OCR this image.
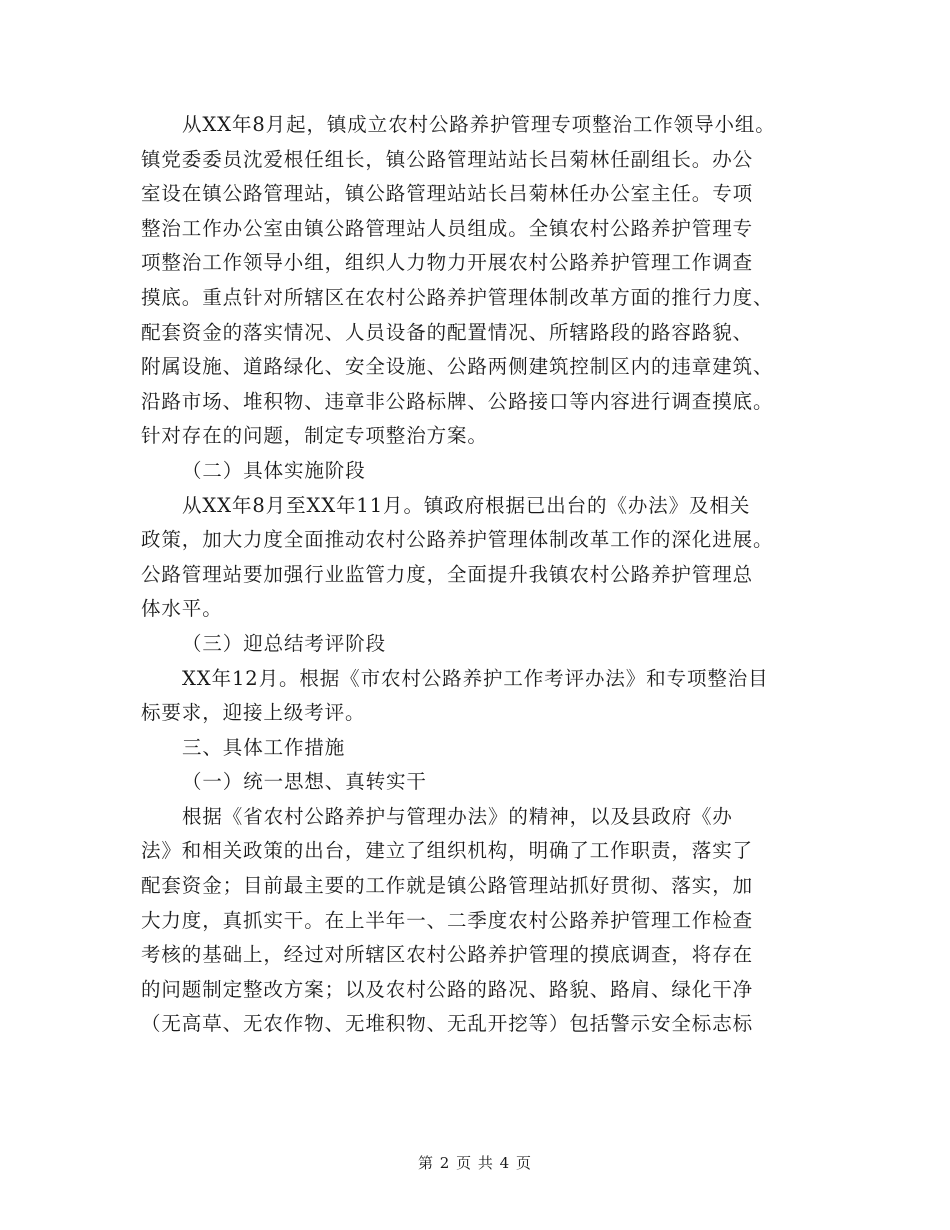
从XX年8月起，镇成立农村公路养护管理专项整治工作领导小组。
镇党委委员沈爱根任组长，镇公路管理站站长吕菊林任副组长。办公
室设在镇公路管理站，镇公路管理站站长吕菊林任办公室主任。专项
整治工作办公室由镇公路管理站人员组成。全镇农村公路养护管理专
项整治工作领导小组，组织人力物力开展农村公路养护管理工作调查
摸底。重点针对所辖区在农村公路养护管理体制改革方面的推行力度、
配套资金的落实情况、人员设备的配置情况、所辖路段的路容路貌、
附属设施、道路绿化、安全设施、公路两侧建筑控制区内的违章建筑、
沿路市场、堆积物、违章非公路标牌、公路接口等内容进行调查摸底。
针对存在的问题，制定专项整治方案。
（二）具体实施阶段
从XX年8月至XX年11月。镇政府根据已出台的《办法》及相关
政策，加大力度全面推动农村公路养护管理体制改革工作的深化进展。
公路管理站要加强行业监管力度，全面提升我镇农村公路养护管理总
体水平。
（三）迎总结考评阶段
XX年12月。根据《市农村公路养护工作考评办法》和专项整治目
标要求，迎接上级考评。
三、具体工作措施
（一）统一思想、真转实干
根据《省农村公路养护与管理办法》的精神，以及县政府《办
法》和相关政策的出台，建立了组织机构，明确了工作职责，落实了
配套资金；目前最主要的工作就是镇公路管理站抓好贯彻、落实，加
大力度，真抓实干。在上半年一、二季度农村公路养护管理工作检查
考核的基础上，经过对所辖区农村公路养护管理的摸底调查，将存在
的问题制定整改方案；以及农村公路的路况、路貌、路肩、绿化干净
（无高草、无农作物、无堆积物、无乱开挖等）包括警示安全标志标
第 2 页 共 4 页
